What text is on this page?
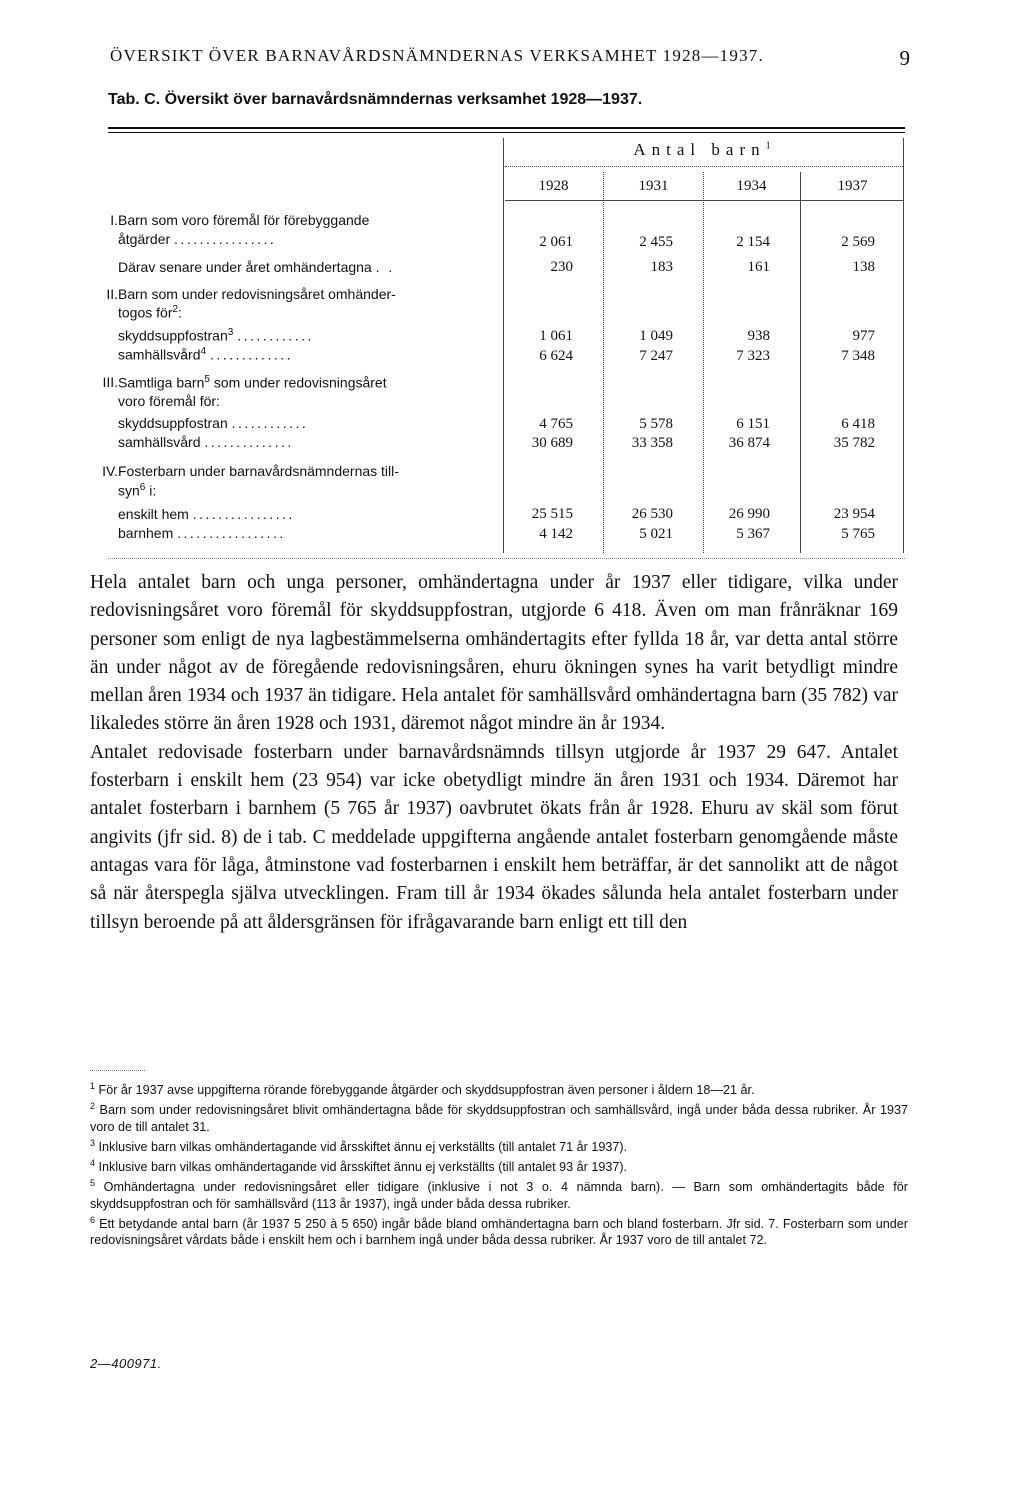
ÖVERSIKT ÖVER BARNAVÅRDSNÄMNDERNAS VERKSAMHET 1928—1937.	9
Tab. C. Översikt över barnavårdsnämndernas verksamhet 1928—1937.
Antal barn$^1$
1928	1931	1934	1937
I. Barn som voro föremål för förebyggande
åtgärder ................	2 061	2 455	2 154	2 569
Därav senare under året omhändertagna . .	230	183	161	138
II. Barn som under redovisningsåret omhänder-
togos för$^2$:
skyddsuppfostran$^3$ ............	1 061	1 049	938	977
samhällsvård$^4$ .............	6 624	7 247	7 323	7 348
III. Samtliga barn$^5$ som under redovisningsåret
voro föremål för:
skyddsuppfostran ............	4 765	5 578	6 151	6 418
samhällsvård ..............	30 689	33 358	36 874	35 782
IV. Fosterbarn under barnavårdsnämndernas till-
syn$^6$ i:
enskilt hem ................	25 515	26 530	26 990	23 954
barnhem .................	4 142	5 021	5 367	5 765

Hela antalet barn och unga personer, omhändertagna under år 1937 eller tidigare, vilka under redovisningsåret voro föremål för skyddsuppfostran, utgjorde 6 418. Även om man frånräknar 169 personer som enligt de nya lagbestämmelserna omhändertagits efter fyllda 18 år, var detta antal större än under något av de föregående redovisningsåren, ehuru ökningen synes ha varit betydligt mindre mellan åren 1934 och 1937 än tidigare. Hela antalet för samhällsvård omhändertagna barn (35 782) var likaledes större än åren 1928 och 1931, däremot något mindre än år 1934.

Antalet redovisade fosterbarn under barnavårdsnämnds tillsyn utgjorde år 1937 29 647. Antalet fosterbarn i enskilt hem (23 954) var icke obetydligt mindre än åren 1931 och 1934. Däremot har antalet fosterbarn i barnhem (5 765 år 1937) oavbrutet ökats från år 1928. Ehuru av skäl som förut angivits (jfr sid. 8) de i tab. C meddelade uppgifterna angående antalet fosterbarn genomgående måste antagas vara för låga, åtminstone vad fosterbarnen i enskilt hem beträffar, är det sannolikt att de något så när återspegla själva utvecklingen. Fram till år 1934 ökades sålunda hela antalet fosterbarn under tillsyn beroende på att åldersgränsen för ifrågavarande barn enligt ett till den

$^1$ För år 1937 avse uppgifterna rörande förebyggande åtgärder och skyddsuppfostran även personer i åldern 18—21 år.
$^2$ Barn som under redovisningsåret blivit omhändertagna både för skyddsuppfostran och samhällsvård, ingå under båda dessa rubriker. År 1937 voro de till antalet 31.
$^3$ Inklusive barn vilkas omhändertagande vid årsskiftet ännu ej verkställts (till antalet 71 år 1937).
$^4$ Inklusive barn vilkas omhändertagande vid årsskiftet ännu ej verkställts (till antalet 93 år 1937).
$^5$ Omhändertagna under redovisningsåret eller tidigare (inklusive i not 3 o. 4 nämnda barn). — Barn som omhändertagits både för skyddsuppfostran och för samhällsvård (113 år 1937), ingå under båda dessa rubriker.
$^6$ Ett betydande antal barn (år 1937 5 250 à 5 650) ingår både bland omhändertagna barn och bland fosterbarn. Jfr sid. 7. Fosterbarn som under redovisningsåret vårdats både i enskilt hem och i barnhem ingå under båda dessa rubriker. År 1937 voro de till antalet 72.
2—400971.
